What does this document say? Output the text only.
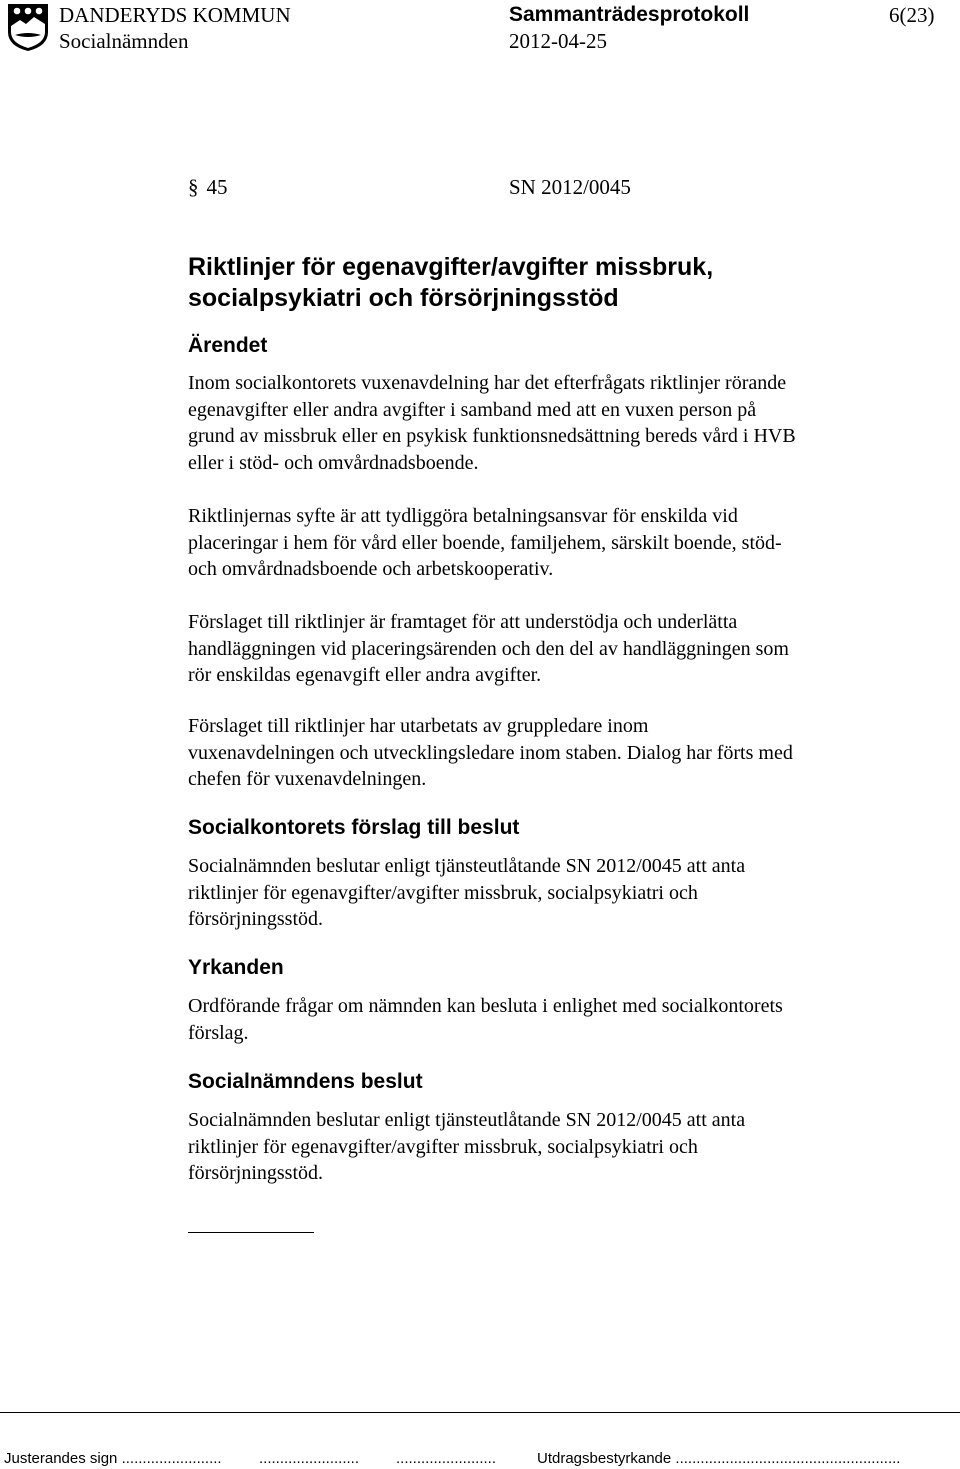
DANDERYDS KOMMUN
Socialnämnden
Sammanträdesprotokoll
2012-04-25
6(23)
§ 45	SN 2012/0045
Riktlinjer för egenavgifter/avgifter missbruk,
socialpsykiatri och försörjningsstöd
Ärendet
Inom socialkontorets vuxenavdelning har det efterfrågats riktlinjer rörande
egenavgifter eller andra avgifter i samband med att en vuxen person på
grund av missbruk eller en psykisk funktionsnedsättning bereds vård i HVB
eller i stöd- och omvårdnadsboende.
Riktlinjernas syfte är att tydliggöra betalningsansvar för enskilda vid
placeringar i hem för vård eller boende, familjehem, särskilt boende, stöd-
och omvårdnadsboende och arbetskooperativ.
Förslaget till riktlinjer är framtaget för att understödja och underlätta
handläggningen vid placeringsärenden och den del av handläggningen som
rör enskildas egenavgift eller andra avgifter.
Förslaget till riktlinjer har utarbetats av gruppledare inom
vuxenavdelningen och utvecklingsledare inom staben. Dialog har förts med
chefen för vuxenavdelningen.
Socialkontorets förslag till beslut
Socialnämnden beslutar enligt tjänsteutlåtande SN 2012/0045 att anta
riktlinjer för egenavgifter/avgifter missbruk, socialpsykiatri och
försörjningsstöd.
Yrkanden
Ordförande frågar om nämnden kan besluta i enlighet med socialkontorets
förslag.
Socialnämndens beslut
Socialnämnden beslutar enligt tjänsteutlåtande SN 2012/0045 att anta
riktlinjer för egenavgifter/avgifter missbruk, socialpsykiatri och
försörjningsstöd.
Justerandes sign ........................ ........................ ........................	Utdragsbestyrkande ......................................................
